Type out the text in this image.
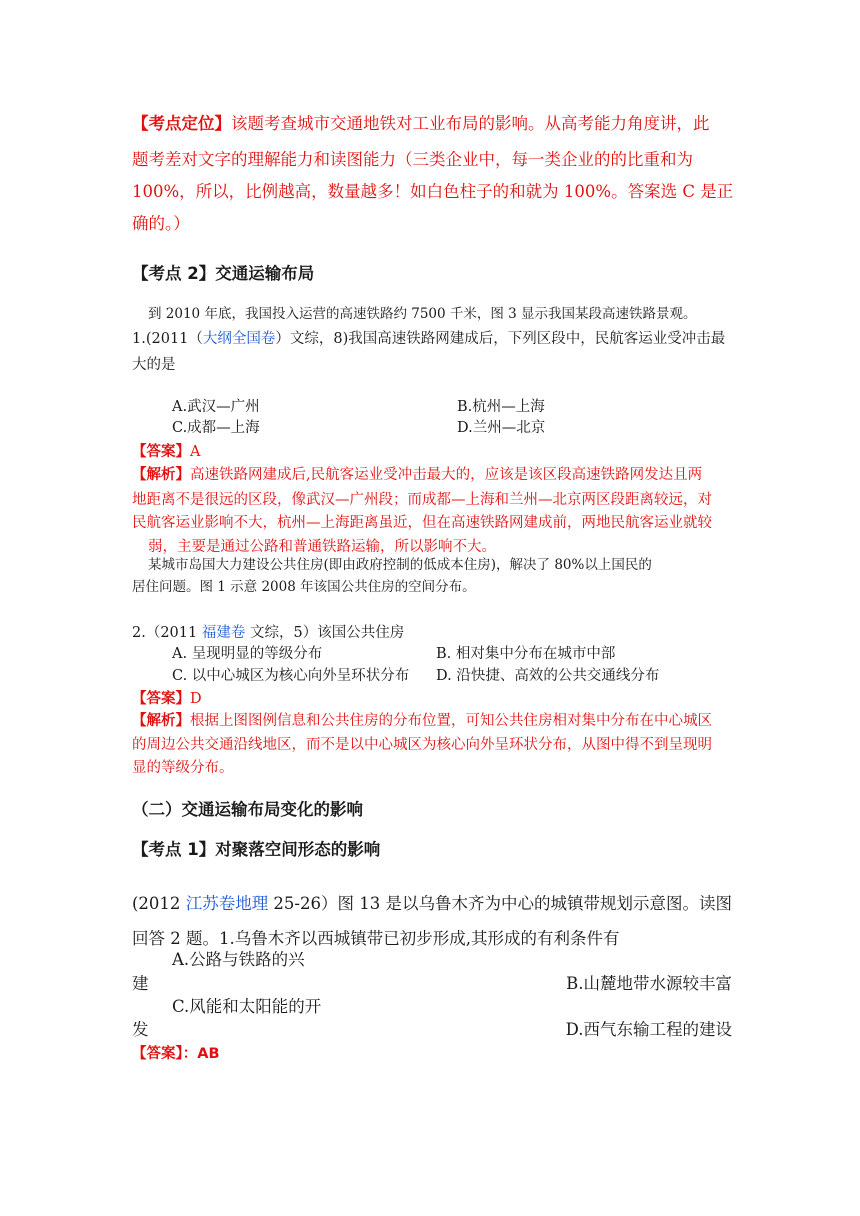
【考点定位】该题考查城市交通地铁对工业布局的影响。从高考能力角度讲，此
题考差对文字的理解能力和读图能力（三类企业中，每一类企业的的比重和为
100%，所以，比例越高，数量越多！如白色柱子的和就为 100%。答案选 C 是正
确的。）
【考点 2】交通运输布局
到 2010 年底，我国投入运营的高速铁路约 7500 千米，图 3 显示我国某段高速铁路景观。
1.(2011（大纲全国卷）文综，8)我国高速铁路网建成后，下列区段中，民航客运业受冲击最
大的是
A.武汉—广州	B.杭州—上海
C.成都—上海	D.兰州—北京
【答案】A
【解析】高速铁路网建成后,民航客运业受冲击最大的，应该是该区段高速铁路网发达且两
地距离不是很远的区段，像武汉—广州段；而成都—上海和兰州—北京两区段距离较远，对
民航客运业影响不大，杭州—上海距离虽近，但在高速铁路网建成前，两地民航客运业就较
弱，主要是通过公路和普通铁路运输，所以影响不大。
某城市岛国大力建设公共住房(即由政府控制的低成本住房)，解决了 80%以上国民的
居住问题。图 1 示意 2008 年该国公共住房的空间分布。
2.（2011 福建卷 文综，5）该国公共住房
A. 呈现明显的等级分布	B. 相对集中分布在城市中部
C. 以中心城区为核心向外呈环状分布	D. 沿快捷、高效的公共交通线分布
【答案】D
【解析】根据上图图例信息和公共住房的分布位置，可知公共住房相对集中分布在中心城区
的周边公共交通沿线地区，而不是以中心城区为核心向外呈环状分布，从图中得不到呈现明
显的等级分布。
（二）交通运输布局变化的影响
【考点 1】对聚落空间形态的影响
(2012 江苏卷地理 25-26）图 13 是以乌鲁木齐为中心的城镇带规划示意图。读图
回答 2 题。1.乌鲁木齐以西城镇带已初步形成,其形成的有利条件有
A.公路与铁路的兴
建	B.山麓地带水源较丰富
C.风能和太阳能的开
发	D.西气东输工程的建设
【答案】：AB
